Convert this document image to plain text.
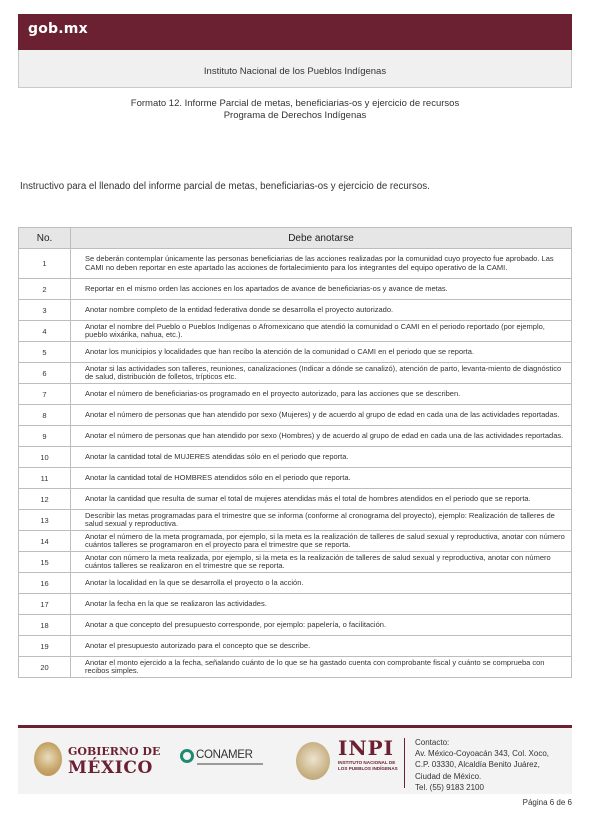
gob.mx
Instituto Nacional de los Pueblos Indígenas
Formato 12. Informe Parcial de metas, beneficiarias-os y ejercicio de recursos
Programa de Derechos Indígenas
Instructivo para el llenado del informe parcial de metas, beneficiarias-os y ejercicio de recursos.
No.	Debe anotarse
1	Se deberán contemplar únicamente las personas beneficiarias de las acciones realizadas por la comunidad cuyo proyecto fue aprobado. Las CAMI no deben reportar en este apartado las acciones de fortalecimiento para los integrantes del equipo operativo de la CAMI.
2	Reportar en el mismo orden las acciones en los apartados de avance de beneficiarias-os y avance de metas.
3	Anotar nombre completo de la entidad federativa donde se desarrolla el proyecto autorizado.
4	Anotar el nombre del Pueblo o Pueblos Indígenas o Afromexicano que atendió la comunidad o CAMI en el periodo reportado (por ejemplo, pueblo wixárika, nahua, etc.).
5	Anotar los municipios y localidades que han recibo la atención de la comunidad o CAMI en el periodo que se reporta.
6	Anotar si las actividades son talleres, reuniones, canalizaciones (Indicar a dónde se canalizó), atención de parto, levanta-miento de diagnóstico de salud, distribución de folletos, trípticos etc.
7	Anotar el número de beneficiarias-os programado en el proyecto autorizado, para las acciones que se describen.
8	Anotar el número de personas que han atendido por sexo (Mujeres) y de acuerdo al grupo de edad en cada una de las actividades reportadas.
9	Anotar el número de personas que han atendido por sexo (Hombres) y de acuerdo al grupo de edad en cada una de las actividades reportadas.
10	Anotar la cantidad total de MUJERES atendidas sólo en el periodo que reporta.
11	Anotar la cantidad total de HOMBRES atendidos sólo en el periodo que reporta.
12	Anotar la cantidad que resulta de sumar el total de mujeres atendidas más el total de hombres atendidos en el periodo que se reporta.
13	Describir las metas programadas para el trimestre que se informa (conforme al cronograma del proyecto), ejemplo: Realización de talleres de salud sexual y reproductiva.
14	Anotar el número de la meta programada, por ejemplo, si la meta es la realización de talleres de salud sexual y reproductiva, anotar con número cuántos talleres se programaron en el proyecto para el trimestre que se reporta.
15	Anotar con número la meta realizada, por ejemplo, si la meta es la realización de talleres de salud sexual y reproductiva, anotar con número cuántos talleres se realizaron en el trimestre que se reporta.
16	Anotar la localidad en la que se desarrolla el proyecto o la acción.
17	Anotar la fecha en la que se realizaron las actividades.
18	Anotar a que concepto del presupuesto corresponde, por ejemplo: papelería, o facilitación.
19	Anotar el presupuesto autorizado para el concepto que se describe.
20	Anotar el monto ejercido a la fecha, señalando cuánto de lo que se ha gastado cuenta con comprobante fiscal y cuánto se comprueba con recibos simples.
GOBIERNO DE
MÉXICO
CONAMER	INPI
INSTITUTO NACIONAL DE LOS PUEBLOS INDÍGENAS
Contacto:
Av. México-Coyoacán 343, Col. Xoco,
C.P. 03330, Alcaldía Benito Juárez,
Ciudad de México.
Tel. (55) 9183 2100
Página 6 de 6
